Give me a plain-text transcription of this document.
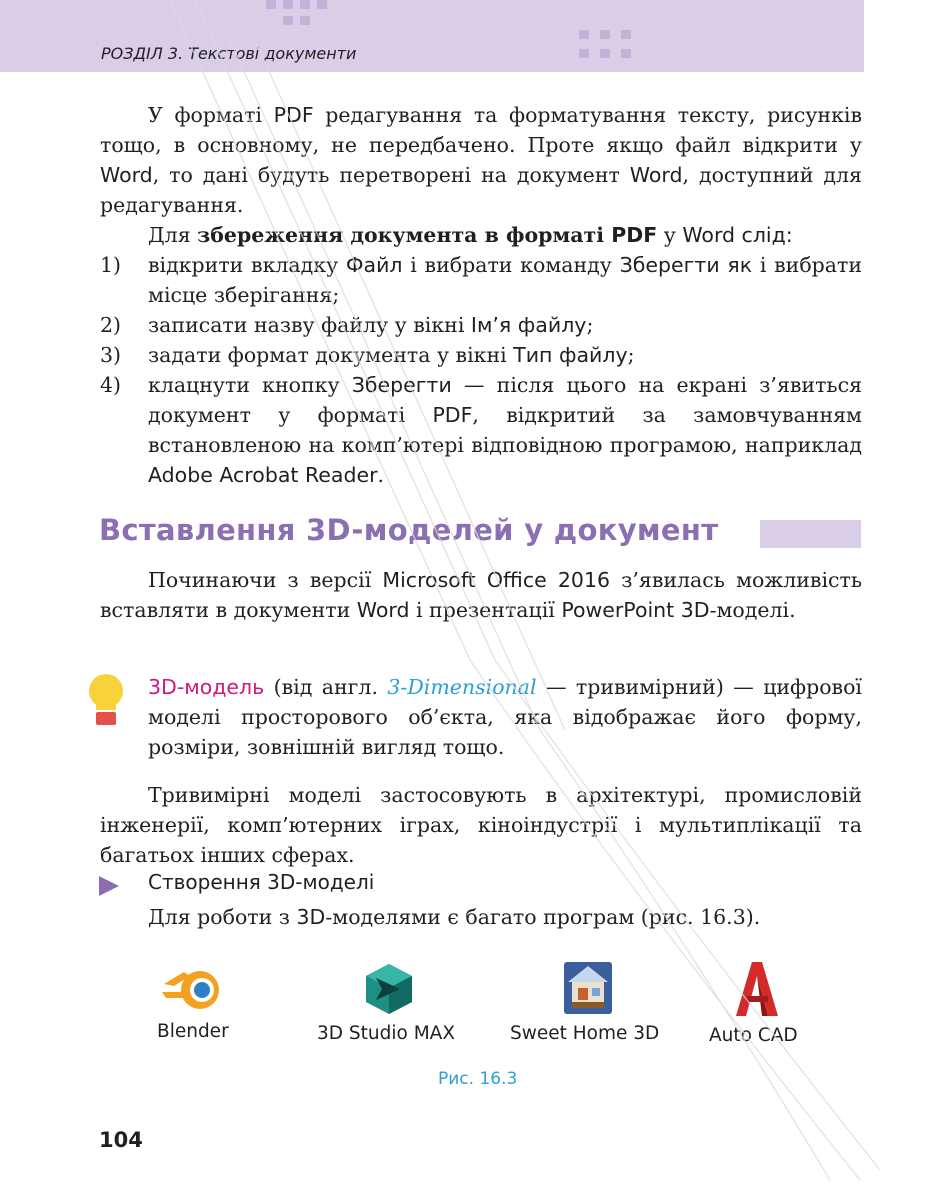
РОЗДІЛ 3. Текстові документи

У форматі PDF редагування та форматування тексту, рисунків тощо, в основному, не передбачено. Проте якщо файл відкрити у Word, то дані будуть перетворені на документ Word, доступний для редагування.

Для збереження документа в форматі PDF у Word слід:

1)	відкрити вкладку Файл і вибрати команду Зберегти як і вибрати місце зберігання;
2)	записати назву файлу у вікні Ім’я файлу;
3)	задати формат документа у вікні Тип файлу;
4)	клацнути кнопку Зберегти — після цього на екрані з’явиться документ у форматі PDF, відкритий за замовчуванням встановленою на комп’ютері відповідною програмою, наприклад Adobe Acrobat Reader.
Вставлення 3D-моделей у документ

Починаючи з версії Microsoft Office 2016 з’явилась можливість вставляти в документи Word і презентації PowerPoint 3D-моделі.

3D-модель (від англ. 3-Dimensional — тривимірний) — цифрової моделі просторового об’єкта, яка відображає його форму, розміри, зовнішній вигляд тощо.

Тривимірні моделі застосовують в архітектурі, промисловій інженерії, комп’ютерних іграх, кіноіндустрії і мультиплікації та багатьох інших сферах.

Створення 3D-моделі

Для роботи з 3D-моделями є багато програм (рис. 16.3).

Blender	3D Studio MAX	Sweet Home 3D	Auto CAD
Рис. 16.3
104
